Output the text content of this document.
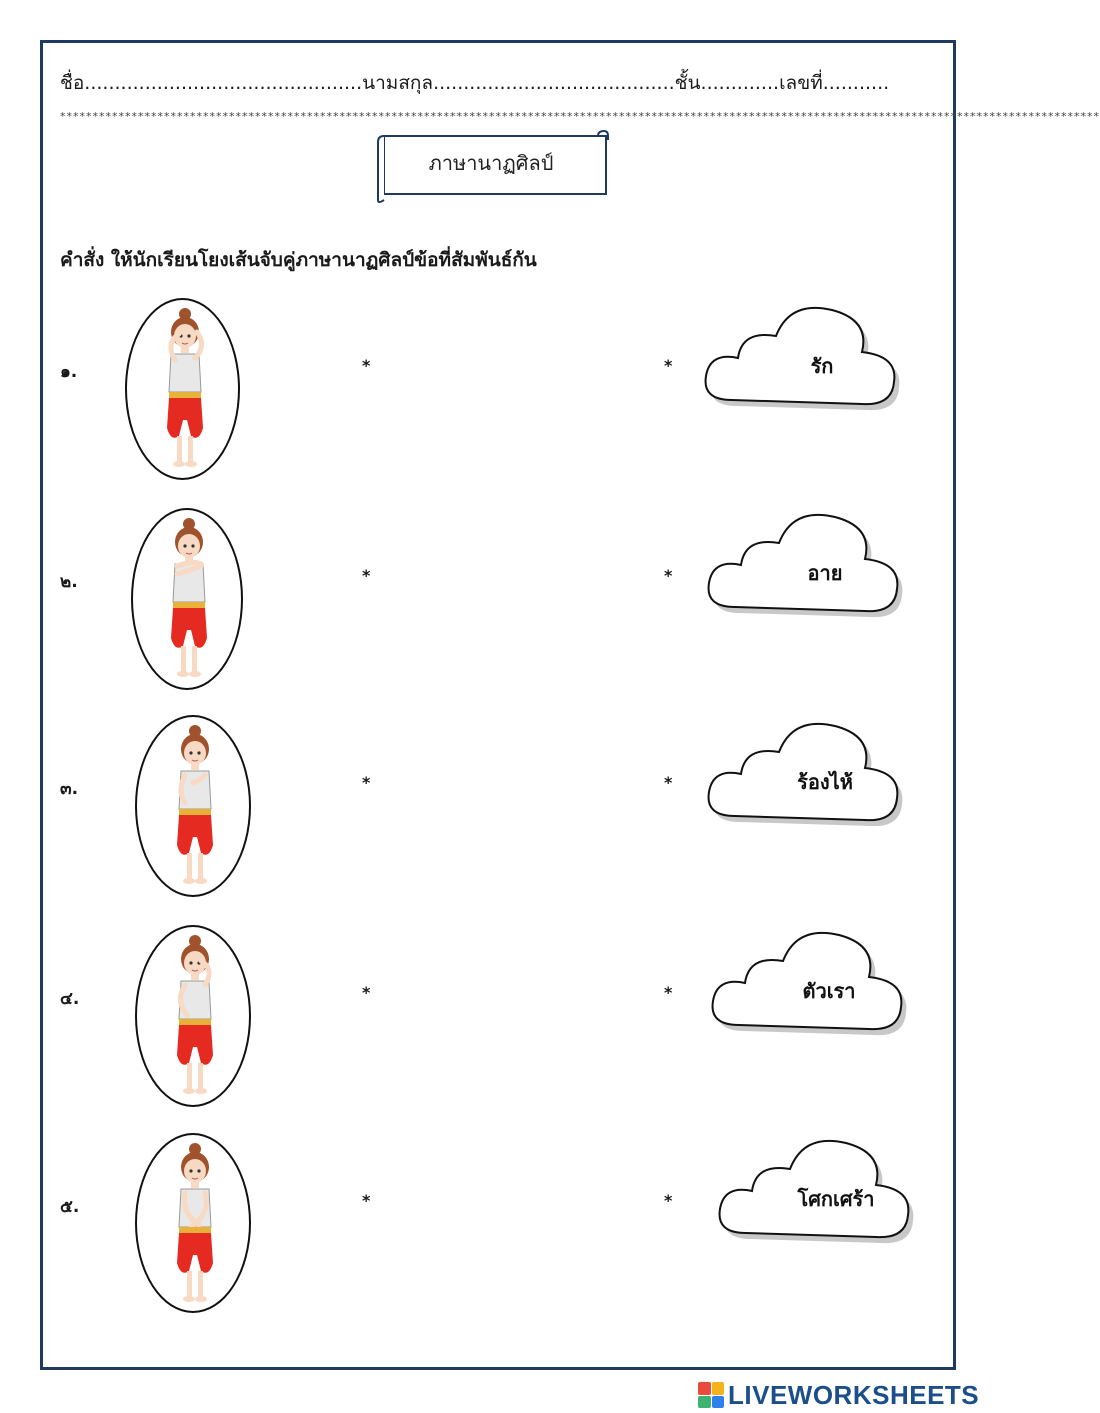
ชื่อ.............................................. นามสกุล........................................ ชั้น............. เลขที่...........
****************************************************************************************************************************************************************
ภาษานาฏศิลป์
คำสั่ง ให้นักเรียนโยงเส้นจับคู่ภาษานาฏศิลป์ข้อที่สัมพันธ์กัน
๑.	*	*	รัก
๒.	*	*	อาย
๓.	*	*	ร้องไห้
๔.	*	*	ตัวเรา
๕.	*	*	โศกเศร้า
LIVEWORKSHEETS
